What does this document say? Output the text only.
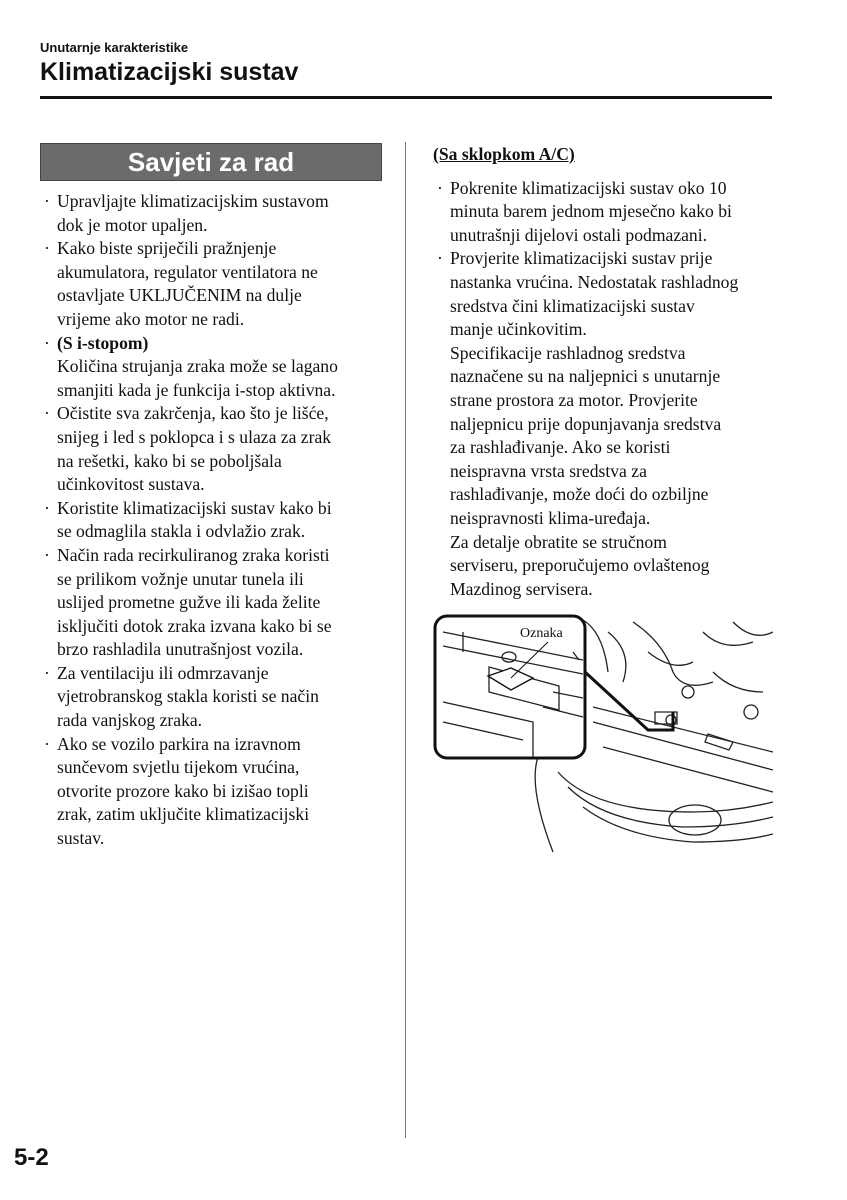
Unutarnje karakteristike
Klimatizacijski sustav
Savjeti za rad
· Upravljajte klimatizacijskim sustavom
dok je motor upaljen.
· Kako biste spriječili pražnjenje
akumulatora, regulator ventilatora ne
ostavljate UKLJUČENIM na dulje
vrijeme ako motor ne radi.
· (S i-stopom)
Količina strujanja zraka može se lagano
smanjiti kada je funkcija i-stop aktivna.
· Očistite sva zakrčenja, kao što je lišće,
snijeg i led s poklopca i s ulaza za zrak
na rešetki, kako bi se poboljšala
učinkovitost sustava.
· Koristite klimatizacijski sustav kako bi
se odmaglila stakla i odvlažio zrak.
· Način rada recirkuliranog zraka koristi
se prilikom vožnje unutar tunela ili
uslijed prometne gužve ili kada želite
isključiti dotok zraka izvana kako bi se
brzo rashladila unutrašnjost vozila.
· Za ventilaciju ili odmrzavanje
vjetrobranskog stakla koristi se način
rada vanjskog zraka.
· Ako se vozilo parkira na izravnom
sunčevom svjetlu tijekom vrućina,
otvorite prozore kako bi izišao topli
zrak, zatim uključite klimatizacijski
sustav.
(Sa sklopkom A/C)
· Pokrenite klimatizacijski sustav oko 10
minuta barem jednom mjesečno kako bi
unutrašnji dijelovi ostali podmazani.
· Provjerite klimatizacijski sustav prije
nastanka vrućina. Nedostatak rashladnog
sredstva čini klimatizacijski sustav
manje učinkovitim.
Specifikacije rashladnog sredstva
naznačene su na naljepnici s unutarnje
strane prostora za motor. Provjerite
naljepnicu prije dopunjavanja sredstva
za rashlađivanje. Ako se koristi
neispravna vrsta sredstva za
rashlađivanje, može doći do ozbiljne
neispravnosti klima-uređaja.
Za detalje obratite se stručnom
serviseru, preporučujemo ovlaštenog
Mazdinog servisera.
Oznaka
5-2
